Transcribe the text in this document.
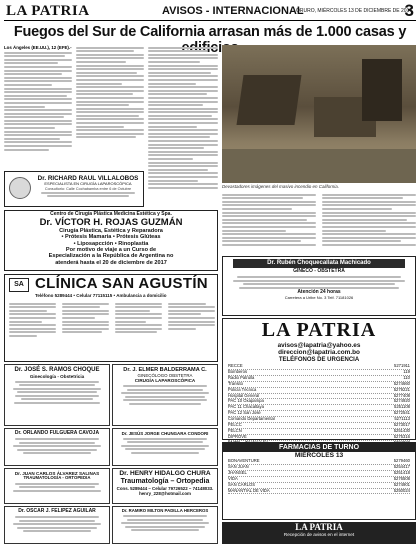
LA PATRIA	AVISOS - INTERNACIONAL
ORURO, MIÉRCOLES 13 DE DICIEMBRE DE 2017
3
Fuegos del Sur de California arrasan más de 1.000 casas y
Los Ángeles (EE.UU.), 12 (EFE).-
Devastadores imágenes del masivo incendio en California.
Dr. RICHARD RAUL VILLALOBOS
ESPECIALISTA EN CIRUGÍA LAPAROSCÓPICA
Consultorio: Calle Cochabamba entre 6 de Octubre
Centro de Cirugía Plástica Medicina Estética y Spa.
Dr. VÍCTOR H. ROJAS GUZMÁN
Cirugía Plástica, Estética y Reparadora
• Prótesis Mamaria • Prótesis Glúteas
• Liposapcción • Rinoplastia
Por motivo de viaje a un Curso de
Especialización a la República de Argentina no
atenderá hasta el 20 de diciembre de 2017	Dr. Rubén Choquecallata Machicado
GINECO - OBSTETRA
Atención 24 horas
Carretera a Uribe No. 3 Telf. 71181026
SA CLÍNICA SAN AGUSTÍN
Teléfono 5289444 • Celular 77115115 • Ambulancia a domicilio
Dr. JOSÉ S. RAMOS CHOQUE
Ginecología - Obstetricia
Dr. J. ELMER BALDERRAMA C.
GINECÓLOGO OBSTETRA
CIRUGÍA LAPAROSCÓPICA
Dr. ORLANDO FULGUERA CAVOJA	Dr. JESÚS JORGE CHUNGARA CONDORI
Dr. JUAN CARLOS ÁLVAREZ SALINAS
TRAUMATOLOGÍA - ORTOPEDIA
Dr. HENRY HIDALGO CHURA
Traumatología – Ortopedia
Cons. 5289444 – Celular 79726522 – 74148033. henry_228@hotmail.com
Dr. OSCAR J. FELIPEZ AGUILAR	Dr. RAMIRO MILTON PADILLA HERCEROS
LA PATRIA
avisos@lapatria@yahoo.es
direccion@lapatria.com.bo
TELÉFONOS DE URGENCIA
RECCE	5271911
Bomberos	119
Radio Patrulla	110
Tránsito	5274660
Policía Técnica	5279221
Hospital General	5277408
PAC 10 Oxapampa	5274920
PAC 11 Chacaltaya	5251108
PAC 12 San José	5272541
Comando Departamental	5271113
FELCC	5273017
FELCN	5251430
DIPROVE	5275316
FARMACIAS DE TURNO
MIÉRCOLES 13
BONAVENTURE	5279460
SAN JUAN	5254417
JHANSEL	5251418
VIDA	5276508
SAN CARLOS	5274901
MANANTIAL DE VIDA	5250024
LA PATRIA
Recepción de avisos en el internet
